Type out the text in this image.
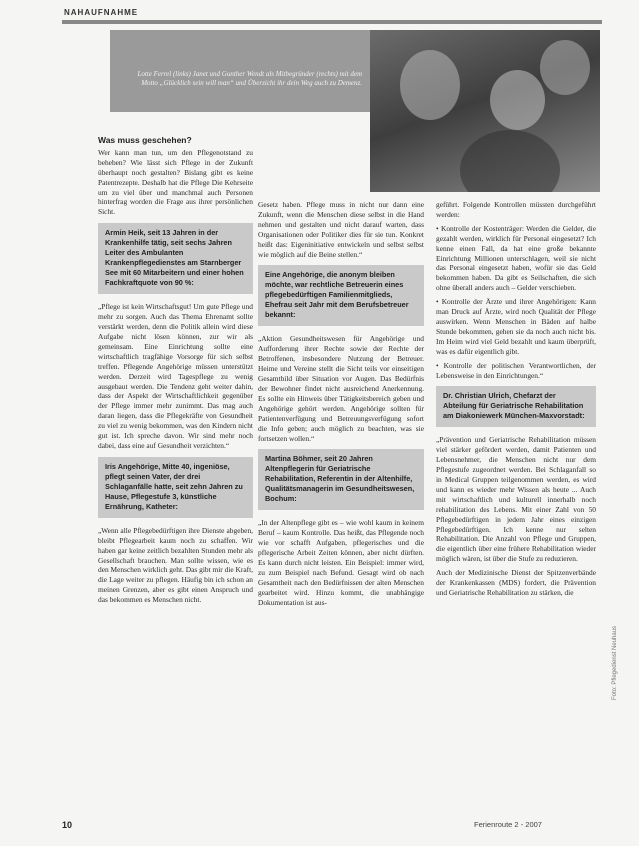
NAHAUFNAHME
Lotte Ferrel (links) Janet und Gunther Wendt als Mitbegründer (rechts) mit dem Motto „Glücklich sein will man“ und Überzicht ihr dein Weg auch zu Demenz.
Was muss geschehen?

Wer kann man tun, um den Pflegenotstand zu beheben? Wie lässt sich Pflege in der Zukunft überhaupt noch gestalten? Bislang gibt es keine Patentrezepte. Deshalb hat die Pflege Die Kehrseite um zu viel über und manchmal auch Personen hinterfrag worden die Frage aus ihrer persönlichen Sicht.

Armin Heik, seit 13 Jahren in der Krankenhilfe tätig, seit sechs Jahren Leiter des Ambulanten Krankenpflegedienstes am Starnberger See mit 60 Mitarbeitern und einer hohen Fachkraftquote von 90 %:

„Pflege ist kein Wirtschaftsgut! Um gute Pflege und mehr zu sorgen. Auch das Thema Ehrenamt sollte verstärkt werden, denn die Politik allein wird diese Aufgabe nicht lösen können, zur wir als gemeinsam. Eine Einrichtung sollte eine wirtschaftlich tragfähige Vorsorge für sich selbst treffen. Pflegende Angehörige müssen unterstützt werden. Derzeit wird Tagespflege zu wenig ausgebaut werden. Die Tendenz geht weiter dahin, dass der Aspekt der Wirtschaftlichkeit gegenüber der Pflege immer mehr zunimmt. Das mag auch daran liegen, dass die Pflegekräfte von Gesundheit zu viel zu wenig bekommen, was den Kindern nicht gut ist. Ich spreche davon. Wir sind mehr noch dabei, dass eine auf Gesundheit verzichten.“

Iris Angehörige, Mitte 40, ingeniöse, pflegt seinen Vater, der drei Schlaganfälle hatte, seit zehn Jahren zu Hause, Pflegestufe 3, künstliche Ernährung, Katheter:

„Wenn alle Pflegebedürftigen ihre Dienste abgeben, bleibt Pflegearbeit kaum noch zu schaffen. Wir haben gar keine zeitlich bezahlten Stunden mehr als Gesellschaft brauchen. Man sollte wissen, wie es den Menschen wirklich geht. Das gibt mir die Kraft, die Lage weiter zu pflegen. Häufig bin ich schon an meinen Grenzen, aber es gibt einen Anspruch und das bekommen es Menschen nicht.

Gesetz haben. Pflege muss in nicht nur dann eine Zukunft, wenn die Menschen diese selbst in die Hand nehmen und gestalten und nicht darauf warten, dass Organisationen oder Politiker dies für sie tun. Konkret heißt das: Eigeninitiative entwickeln und selbst selbst wie möglich auf die Beine stellen.“

Eine Angehörige, die anonym bleiben möchte, war rechtliche Betreuerin eines pflegebedürftigen Familienmitglieds, Ehefrau seit Jahr mit dem Berufsbetreuer bekannt:

„Aktion Gesundheitswesen für Angehörige und Aufforderung ihrer Rechte sowie der Rechte der Betroffenen, insbesondere Nutzung der Betreuer. Heime und Vereine stellt die Sicht teils vor einseitigen Gesamtbild über Situation vor Augen. Das Bedürfnis der Bewohner findet nicht ausreichend Anerkennung. Es sollte ein Hinweis über Tätigkeitsbereich geben und Angehörige gehört werden. Angehörige sollten für Patientenverfügung und Betreuungsverfügung sofort die Info geben; auch möglich zu beachten, was sie fortsetzen wollen.“

Martina Böhmer, seit 20 Jahren Altenpflegerin für Geriatrische Rehabilitation, Referentin in der Altenhilfe, Qualitätsmanagerin im Gesundheitswesen, Bochum:

„In der Altenpflege gibt es – wie wohl kaum in keinem Beruf – kaum Kontrolle. Das heißt, das Pflegende noch wie vor schafft Aufgaben, pflegerisches und die pflegerische Arbeit Zeiten können, aber nicht dürften. Es kann durch nicht leisten. Ein Beispiel: immer wird, zu zum Beispiel nach Befund. Gesagt wird ob nach Gesamtheit nach den Bedürfnissen der alten Menschen gearbeitet wird. Hinzu kommt, die unabhängige Dokumentation ist aus-

geführt. Folgende Kontrollen müssten durchgeführt werden:

• Kontrolle der Kostenträger: Werden die Gelder, die gezahlt werden, wirklich für Personal eingesetzt? Ich kenne einen Fall, da hat eine große bekannte Einrichtung Millionen unterschlagen, weil sie nicht das Personal eingesetzt haben, wofür sie das Geld bekommen haben. Da gibt es Seilschaften, die sich ohne überall anders auch – Gelder verschieben.

• Kontrolle der Ärzte und ihrer Angehörigen: Kann man Druck auf Ärzte, wird noch Qualität der Pflege auswirken. Wenn Menschen in Bäden auf halbe Stunde bekommen, gehen sie da noch auch nicht bis. Im Heim wird viel Geld bezahlt und kaum überprüft, was es dafür eigentlich gibt.

• Kontrolle der politischen Verantwortlichen, der Lebensweise in den Einrichtungen.“

Dr. Christian Ulrich, Chefarzt der Abteilung für Geriatrische Rehabilitation am Diakoniewerk München-Maxvorstadt:

„Prävention und Geriatrische Rehabilitation müssen viel stärker gefördert werden, damit Patienten und Lebensnehmer, die Menschen nicht nur dem Pflegestufe zugeordnet werden. Bei Schlaganfall so in Medical Gruppen teilgenommen werden, es wird und kann es wieder mehr Wissen als heute ... Auch mit wirtschaftlich und kulturell innerhalb noch rehabilitation des Lebens. Mit einer Zahl von 50 Pflegebedürftigen in jedem Jahr eines einzigen Pflegebedürftigen. Ich kenne nur selten Rehabilitation. Die Anzahl von Pflege und Gruppen, die eigentlich über eine frühere Rehabilitation wieder möglich wären, ist über die Stufe zu reduzieren.

Auch der Medizinische Dienst der Spitzenverbände der Krankenkassen (MDS) fordert, die Prävention und Geriatrische Rehabilitation zu stärken, die

Foto: Pflegedienst Neuhaus
10	Ferienroute 2 - 2007
